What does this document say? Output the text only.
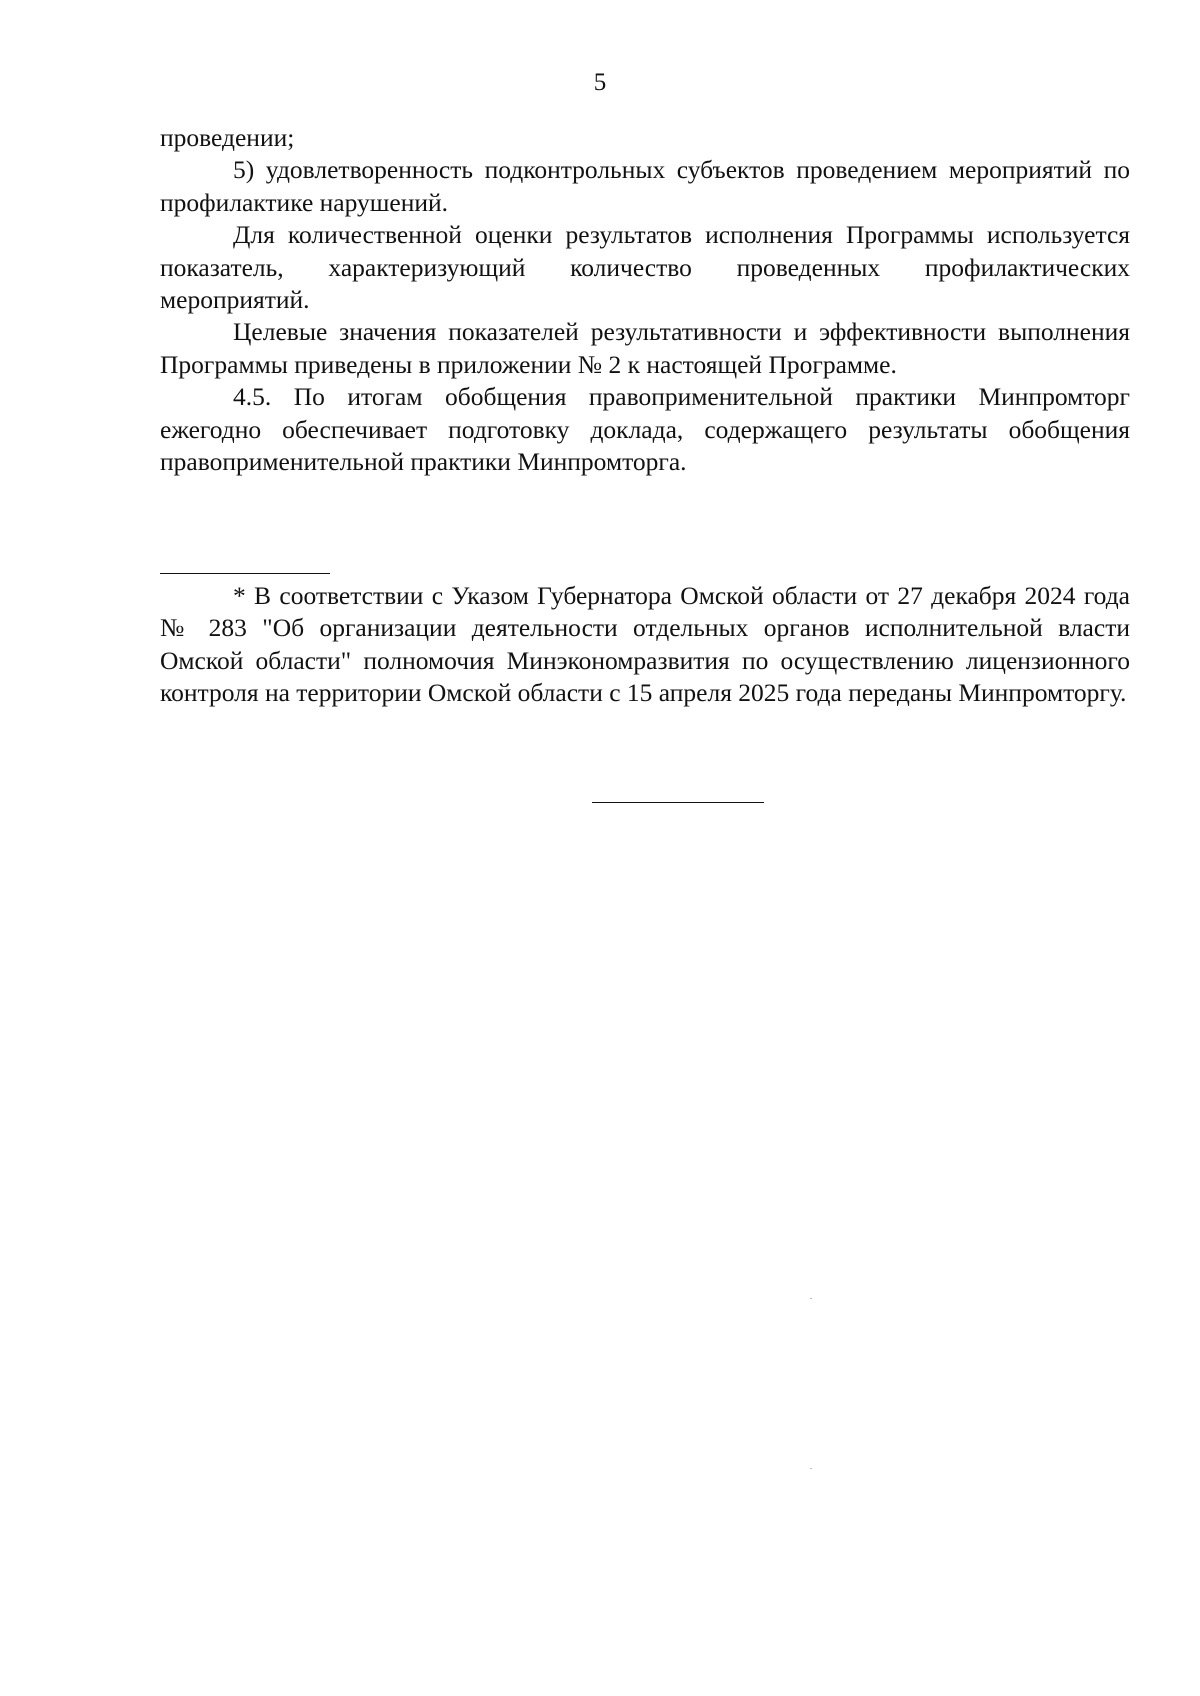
5

проведении;

5) удовлетворенность подконтрольных субъектов проведением мероприятий по профилактике нарушений.

Для количественной оценки результатов исполнения Программы используется показатель, характеризующий количество проведенных профилактических мероприятий.

Целевые значения показателей результативности и эффективности выполнения Программы приведены в приложении № 2 к настоящей Программе.

4.5. По итогам обобщения правоприменительной практики Минпромторг ежегодно обеспечивает подготовку доклада, содержащего результаты обобщения правоприменительной практики Минпромторга.

* В соответствии с Указом Губернатора Омской области от 27 декабря 2024 года № 283 "Об организации деятельности отдельных органов исполнительной власти Омской области" полномочия Минэкономразвития по осуществлению лицензионного контроля на территории Омской области с 15 апреля 2025 года переданы Минпромторгу.
